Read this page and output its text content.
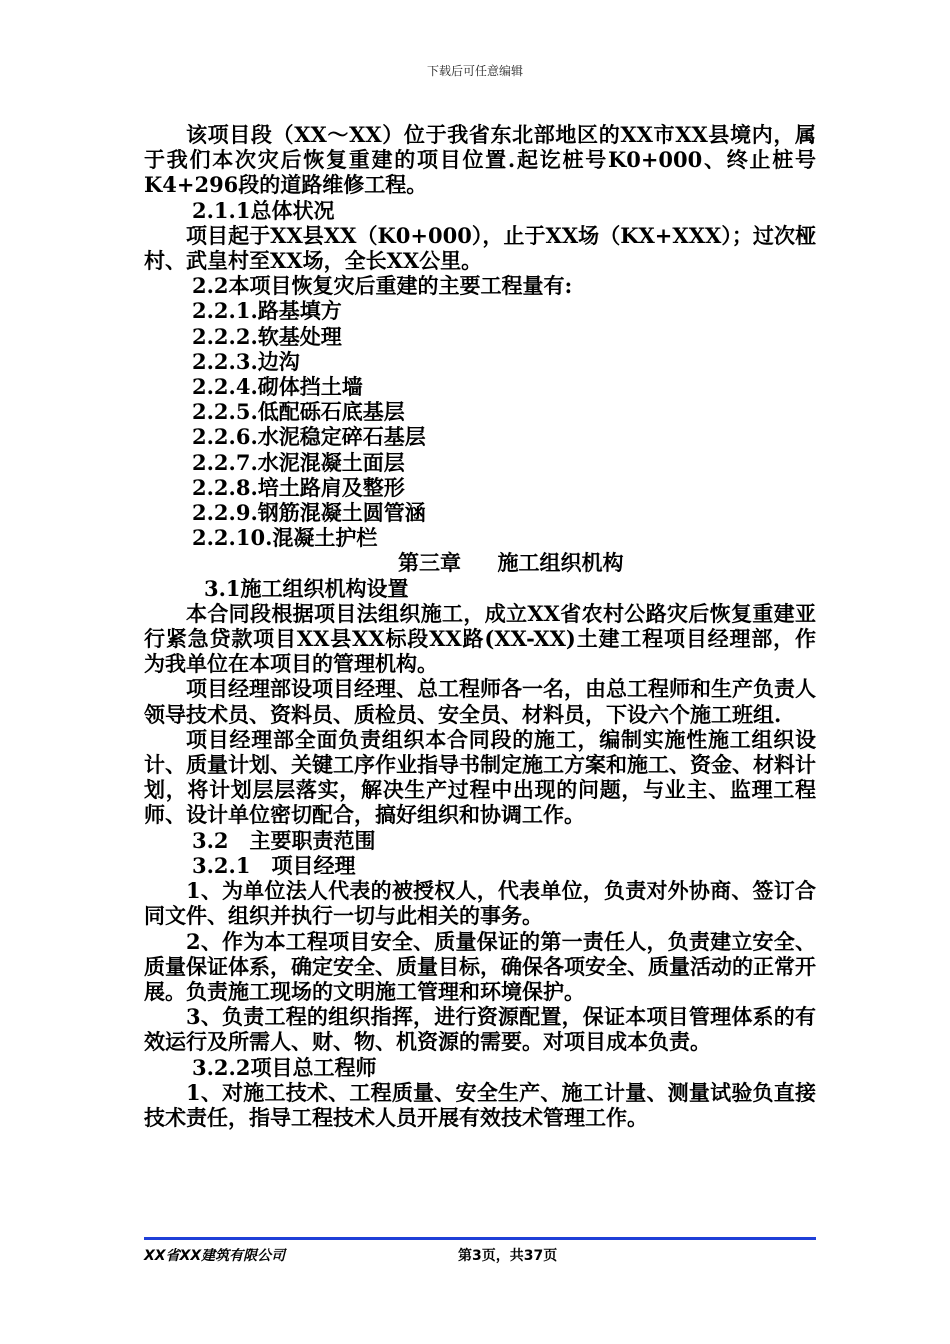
下载后可任意编辑

该项目段（XX～XX）位于我省东北部地区的XX市XX县境内，属于我们本次灾后恢复重建的项目位置.起讫桩号K0+000、终止桩号K4+296段的道路维修工程。

2.1.1总体状况

项目起于XX县XX（K0+000），止于XX场（KX+XXX）；过次桠村、武皇村至XX场，全长XX公里。

2.2本项目恢复灾后重建的主要工程量有:

2.2.1.路基填方

2.2.2.软基处理

2.2.3.边沟

2.2.4.砌体挡土墙

2.2.5.低配砾石底基层

2.2.6.水泥稳定碎石基层

2.2.7.水泥混凝土面层

2.2.8.培土路肩及整形

2.2.9.钢筋混凝土圆管涵

2.2.10.混凝土护栏

第三章     施工组织机构

3.1施工组织机构设置

本合同段根据项目法组织施工，成立XX省农村公路灾后恢复重建亚行紧急贷款项目XX县XX标段XX路(XX-XX)土建工程项目经理部，作为我单位在本项目的管理机构。

项目经理部设项目经理、总工程师各一名，由总工程师和生产负责人领导技术员、资料员、质检员、安全员、材料员，下设六个施工班组.

项目经理部全面负责组织本合同段的施工，编制实施性施工组织设计、质量计划、关键工序作业指导书制定施工方案和施工、资金、材料计划，将计划层层落实，解决生产过程中出现的问题，与业主、监理工程师、设计单位密切配合，搞好组织和协调工作。

3.2　主要职责范围

3.2.1　项目经理

1、为单位法人代表的被授权人，代表单位，负责对外协商、签订合同文件、组织并执行一切与此相关的事务。

2、作为本工程项目安全、质量保证的第一责任人，负责建立安全、质量保证体系，确定安全、质量目标，确保各项安全、质量活动的正常开展。负责施工现场的文明施工管理和环境保护。

3、负责工程的组织指挥，进行资源配置，保证本项目管理体系的有效运行及所需人、财、物、机资源的需要。对项目成本负责。

3.2.2项目总工程师

1、对施工技术、工程质量、安全生产、施工计量、测量试验负直接技术责任，指导工程技术人员开展有效技术管理工作。

XX省XX建筑有限公司	第3页，共37页
